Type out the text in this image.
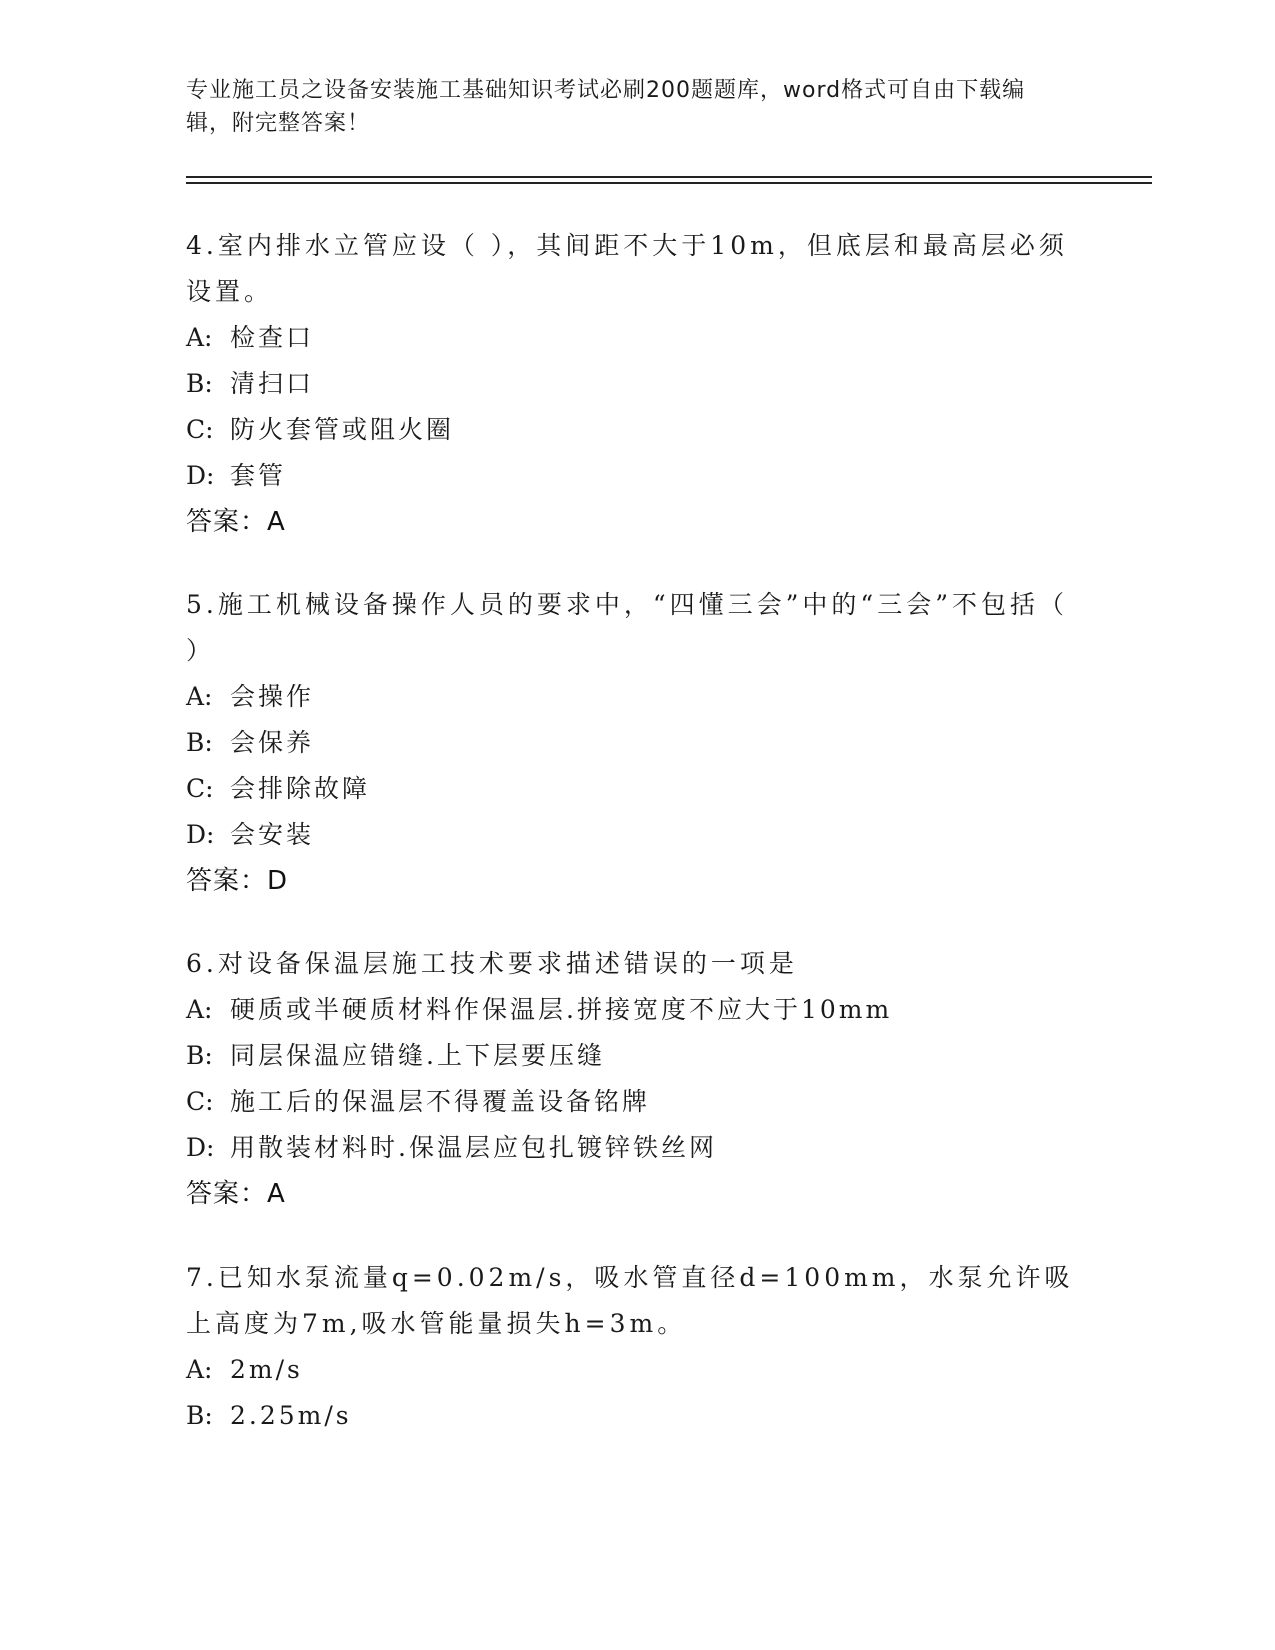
专业施工员之设备安装施工基础知识考试必刷200题题库，word格式可自由下载编辑，附完整答案！
4.室内排水立管应设（ ），其间距不大于10m，但底层和最高层必须设置。
A: 检查口
B: 清扫口
C: 防火套管或阻火圈
D: 套管
答案：A
5.施工机械设备操作人员的要求中，“四懂三会”中的“三会”不包括（ ）
A: 会操作
B: 会保养
C: 会排除故障
D: 会安装
答案：D
6.对设备保温层施工技术要求描述错误的一项是
A: 硬质或半硬质材料作保温层.拼接宽度不应大于10mm
B: 同层保温应错缝.上下层要压缝
C: 施工后的保温层不得覆盖设备铭牌
D: 用散装材料时.保温层应包扎镀锌铁丝网
答案：A
7.已知水泵流量q=0.02m/s，吸水管直径d=100mm，水泵允许吸上高度为7m,吸水管能量损失h=3m。
A: 2m/s
B: 2.25m/s
